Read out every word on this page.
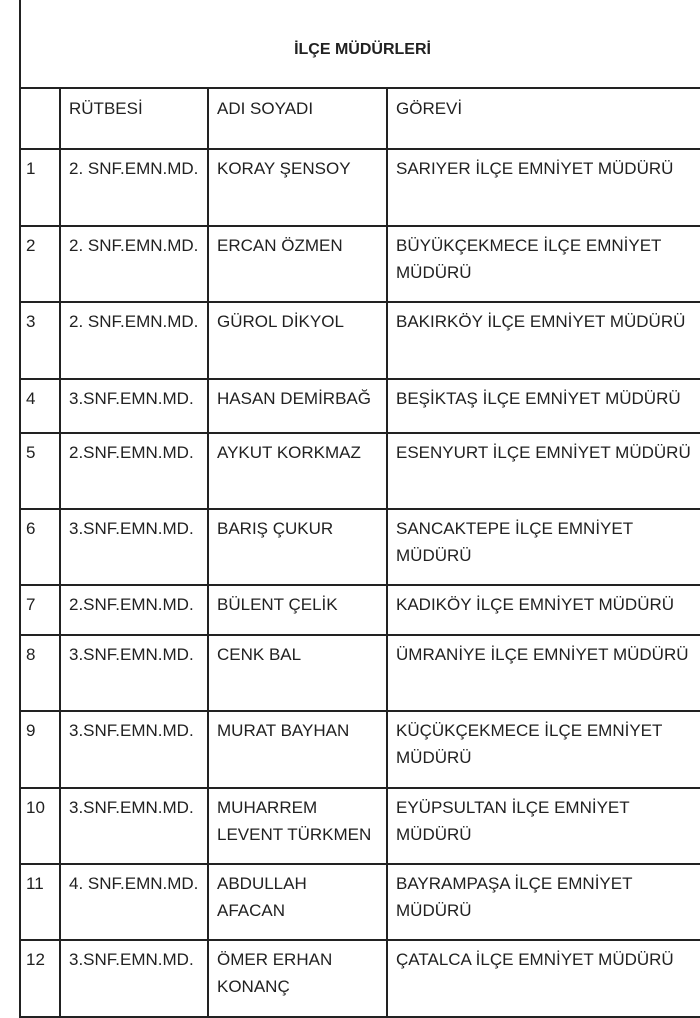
İLÇE MÜDÜRLERİ			
	RÜTBESİ	ADI SOYADI	GÖREVİ
1	2. SNF.EMN.MD.	KORAY ŞENSOY	SARIYER İLÇE EMNİYET MÜDÜRÜ
2	2. SNF.EMN.MD.	ERCAN ÖZMEN	BÜYÜKÇEKMECE İLÇE EMNİYET MÜDÜRÜ
3	2. SNF.EMN.MD.	GÜROL DİKYOL	BAKIRKÖY İLÇE EMNİYET MÜDÜRÜ
4	3.SNF.EMN.MD.	HASAN DEMİRBAĞ	BEŞİKTAŞ İLÇE EMNİYET MÜDÜRÜ
5	2.SNF.EMN.MD.	AYKUT KORKMAZ	ESENYURT İLÇE EMNİYET MÜDÜRÜ
6	3.SNF.EMN.MD.	BARIŞ ÇUKUR	SANCAKTEPE İLÇE EMNİYET MÜDÜRÜ
7	2.SNF.EMN.MD.	BÜLENT ÇELİK	KADIKÖY İLÇE EMNİYET MÜDÜRÜ
8	3.SNF.EMN.MD.	CENK BAL	ÜMRANİYE İLÇE EMNİYET MÜDÜRÜ
9	3.SNF.EMN.MD.	MURAT BAYHAN	KÜÇÜKÇEKMECE İLÇE EMNİYET MÜDÜRÜ
10	3.SNF.EMN.MD.	MUHARREM LEVENT TÜRKMEN	EYÜPSULTAN İLÇE EMNİYET MÜDÜRÜ
11	4. SNF.EMN.MD.	ABDULLAH AFACAN	BAYRAMPAŞA İLÇE EMNİYET MÜDÜRÜ
12	3.SNF.EMN.MD.	ÖMER ERHAN KONANÇ	ÇATALCA İLÇE EMNİYET MÜDÜRÜ
